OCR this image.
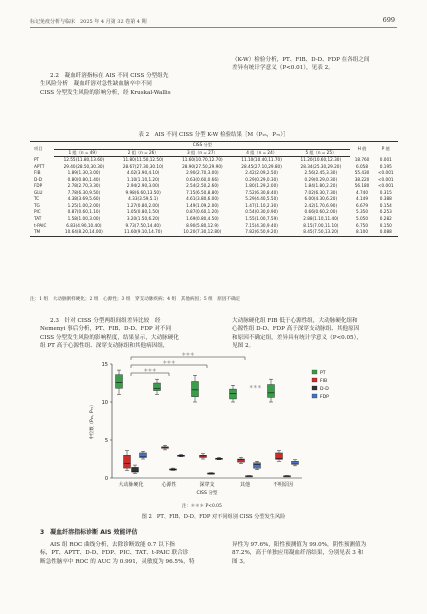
标记免疫分析与临床　2025 年 4 月第 32 卷第 4 期	699
2.2　凝血纤溶指标在 AIS 不同 CISS 分型组先
生风险分析　凝血纤溶对急性缺血脑卒中不同
CISS 分型发生风险的影响分析，经 Kruskal-Wallis
（K-W）检验分析，PT、FIB、D-D、FDP 在各组之间
差异有统计学意义（P<0.01），见表 2。
表 2　AIS 不同 CISS 分型 K-W 检验结果［M（P₂₅，P₇₅）］
项目	CISS 分型					H 值	P 值
	1 组（n = 49）	2 组（n = 26）	3 组（n = 27）	4 组（n = 24）	5 组（n = 25）		
PT	12.55(11.80,13.60)	11.80(11.50,12.50)	11.60(10.70,12.70)	11.10(10.40,11.70)	11.20(10.60,12.30)	18.760	0.001
APTT	29.40(28.50,30.30)	28.67(27.30,30.10)	28.90(27.50,29.90)	28.45(27.10,29.80)	28.34(25.30,29.20)	6.058	0.195
FIB	1.89(1.30,3.00)	4.02(3.90,4.10)	2.90(2.70,3.00)	2.42(2.09,2.50)	2.56(2.45,3.30)	55.430	<0.001
D-D	0.80(0.80,1.40)	1.10(1.10,1.20)	0.63(0.60,0.66)	0.29(0.29,0.30)	0.29(0.29,0.30)	38.220	<0.001
FDP	2.78(2.70,3.30)	2.94(2.90,3.00)	2.54(2.50,2.60)	1.80(1.29,2.00)	1.84(1.80,2.20)	56.180	<0.001
GLU	7.78(6.30,9.50)	9.98(6.60,13.50)	7.15(6.50,8.80)	7.52(6.30,8.40)	7.02(6.30,7.30)	4.740	0.315
TC	4.38(3.69,5.60)	4.33(3.59,5.1)	4.61(3.80,6.00)	5.29(4.40,5.50)	6.00(4.30,6.20)	4.149	0.388
TG	1.25(1.00,2.00)	1.27(0.80,2.00)	1.49(1.09,2.00)	1.47(1.10,2.30)	2.42(1.70,6.90)	6.679	0.154
PIC	0.87(0.60,1.10)	1.05(0.80,1.50)	0.87(0.60,1.20)	0.54(0.30,0.90)	0.66(0.60,2.00)	5.350	0.253
TAT	1.58(1.00,3.00)	3.20(1.50,6.20)	1.69(0.80,4.50)	1.55(1.00,7.59)	2.88(1.10,11.40)	5.050	0.282
t-PAIC	6.83(4.90,10.40)	9.73(7.50,14.40)	8.90(5.80,12.9)	7.15(4.30,9.40)	8.15(7.00,11.10)	6.750	0.150
TM	10.64(8.20,14.00)	11.60(9.10,14.70)	10.20(7.30,12.80)	7.82(6.50,9.20)	8.45(7.50,13.20)	8.100	0.088
注：1 组　大动脉粥样硬化；2 组　心源性；3 组　穿支动脉疾病；4 组　其他病因；5 组　原因不确定
2.3　针对 CISS 分型两组间组差异比较　经
Nemenyi 事后分析，PT、FIB、D-D、FDP 对不同
CISS 分型发生风险的影响程度，结果显示，大动脉硬化
组 PT 高于心源性组、深穿支动脉组和其他病因组，
大动脉硬化组 FIB 低于心源性组，大动脉硬化组和
心源性组 D-D、FDP 高于深穿支动脉组、其他原因
和原因不确定组，差异具有统计学意义（P<0.05），
见图 2。
0
5
10
15
中位数（P₂₅, P₇₅）
大动脉硬化	心源性	深穿支	其他	不明原因
CISS 分型
＊＊＊
＊＊＊
＊＊＊
＊＊＊
PT
FIB
D-D
FDP
注：＊＊＊ P<0.05
图 2　PT、FIB、D-D、FDP 对不同组别 CISS 分型发生风险
3　凝血纤溶指标诊断 AIS 效能评估
AIS 组 ROC 曲线分析，去除诊断效能 0.7 以下指
标，PT、APTT、D-D、FDP、PIC、TAT、t-PAIC 联合诊
断急性脑卒中 ROC 的 AUC 为 0.991，灵敏度为 96.5%，特
异性为 97.6%，阳性预测值为 99.0%，阴性预测值为
87.2%，高于单独应用凝血纤溶结果，分别见表 3 和
图 3。
